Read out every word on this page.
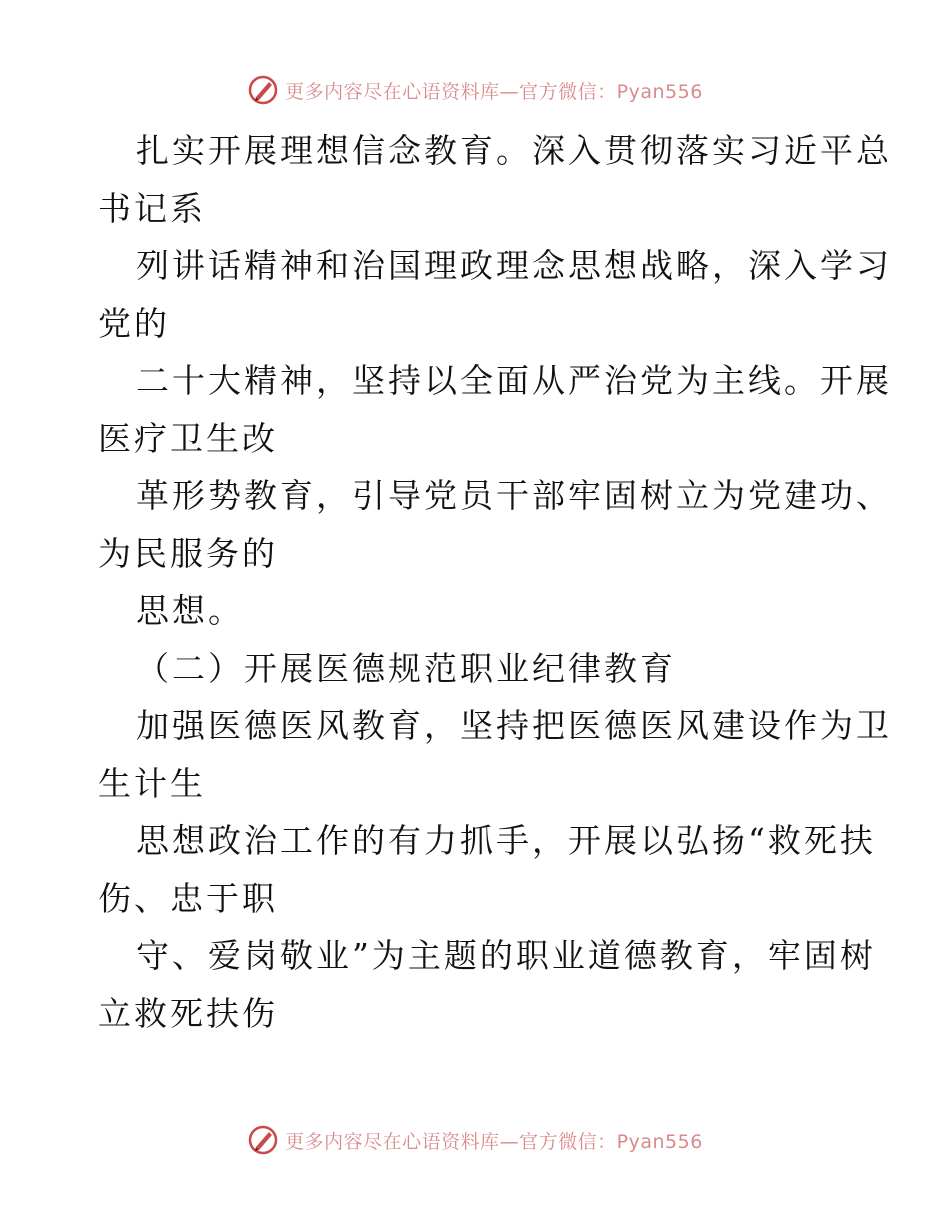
更多内容尽在心语资料库—官方微信：Pyan556
扎实开展理想信念教育。深入贯彻落实习近平总
书记系
列讲话精神和治国理政理念思想战略，深入学习
党的
二十大精神，坚持以全面从严治党为主线。开展
医疗卫生改
革形势教育，引导党员干部牢固树立为党建功、
为民服务的
思想。
（二）开展医德规范职业纪律教育
加强医德医风教育，坚持把医德医风建设作为卫
生计生
思想政治工作的有力抓手，开展以弘扬“救死扶
伤、忠于职
守、爱岗敬业”为主题的职业道德教育，牢固树
立救死扶伤
更多内容尽在心语资料库—官方微信：Pyan556
